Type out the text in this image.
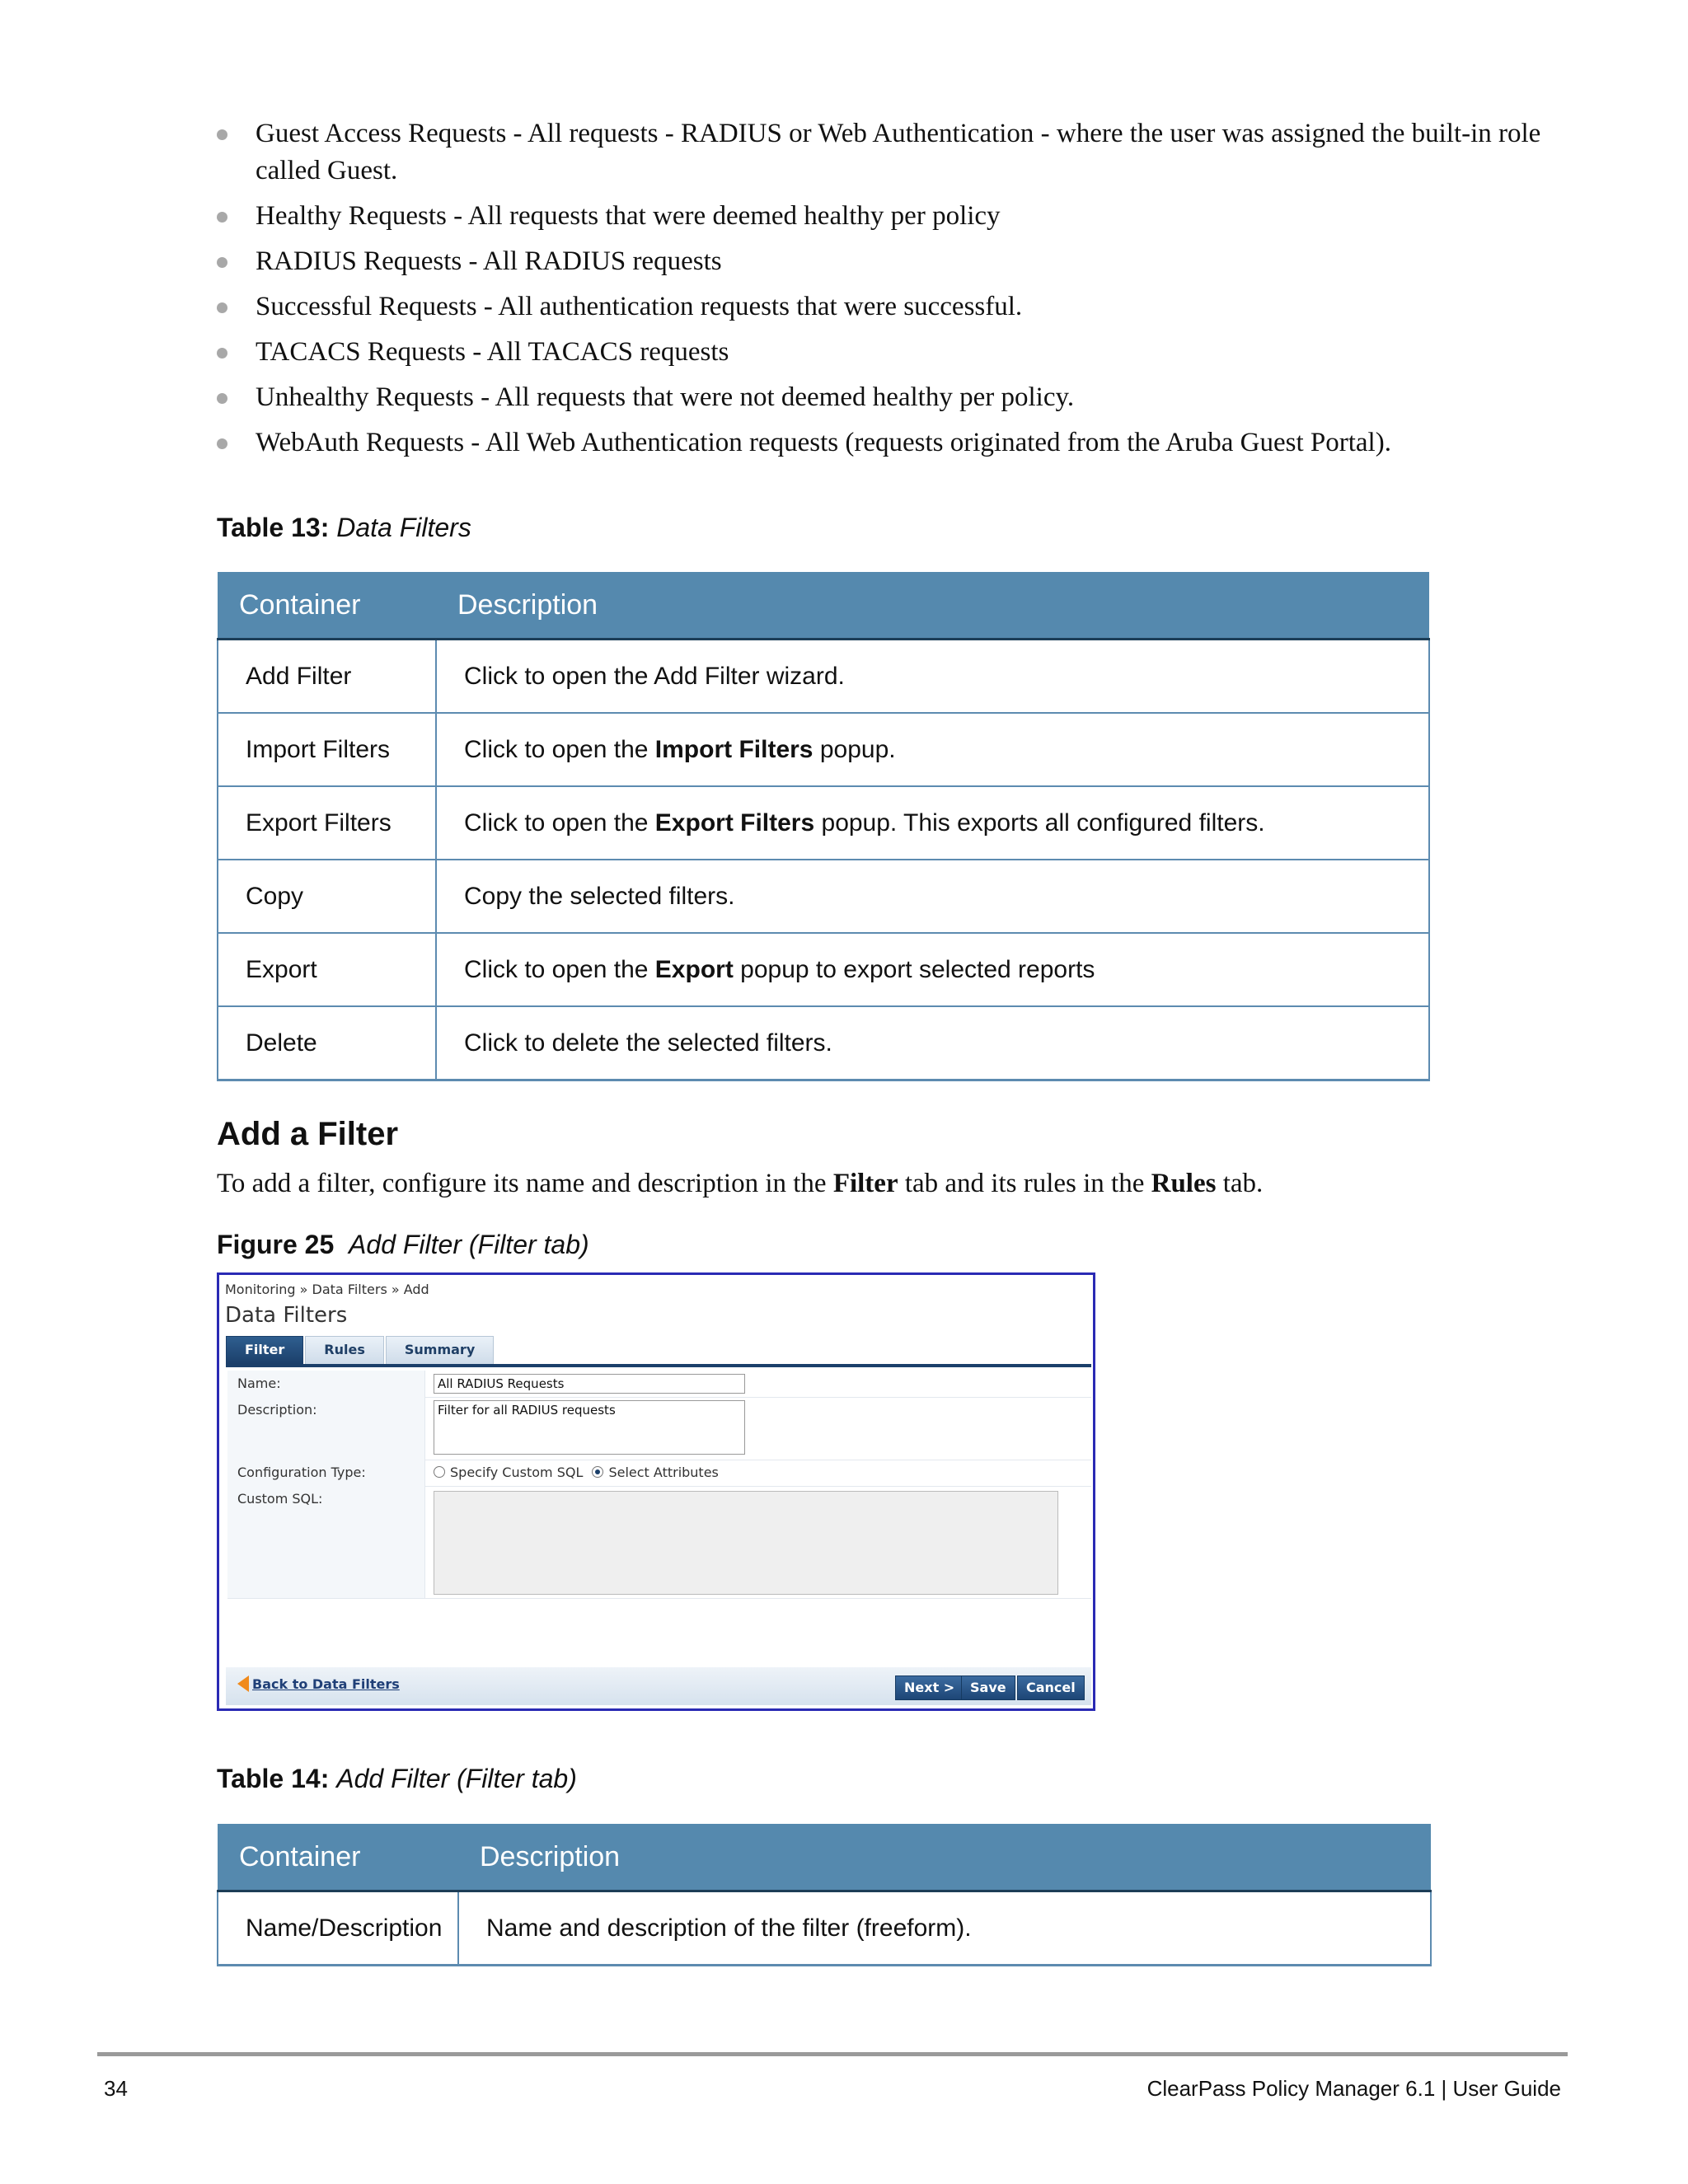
Guest Access Requests - All requests - RADIUS or Web Authentication - where the user was assigned the built-in role called Guest.
Healthy Requests - All requests that were deemed healthy per policy
RADIUS Requests - All RADIUS requests
Successful Requests - All authentication requests that were successful.
TACACS Requests - All TACACS requests
Unhealthy Requests - All requests that were not deemed healthy per policy.
WebAuth Requests - All Web Authentication requests (requests originated from the Aruba Guest Portal).
Table 13: Data Filters
Container	Description
Add Filter	Click to open the Add Filter wizard.
Import Filters	Click to open the Import Filters popup.
Export Filters	Click to open the Export Filters popup. This exports all configured filters.
Copy	Copy the selected filters.
Export	Click to open the Export popup to export selected reports
Delete	Click to delete the selected filters.
Add a Filter
To add a filter, configure its name and description in the Filter tab and its rules in the Rules tab.
Figure 25 Add Filter (Filter tab)
Monitoring » Data Filters » Add
Data Filters
Filter	Rules	Summary
Name:	All RADIUS Requests
Description:	Filter for all RADIUS requests
Configuration Type:	Specify Custom SQL Select Attributes
Custom SQL:
Back to Data Filters	Next >	Save	Cancel
Table 14: Add Filter (Filter tab)
Container	Description
Name/Description	Name and description of the filter (freeform).
34	ClearPass Policy Manager 6.1 | User Guide
